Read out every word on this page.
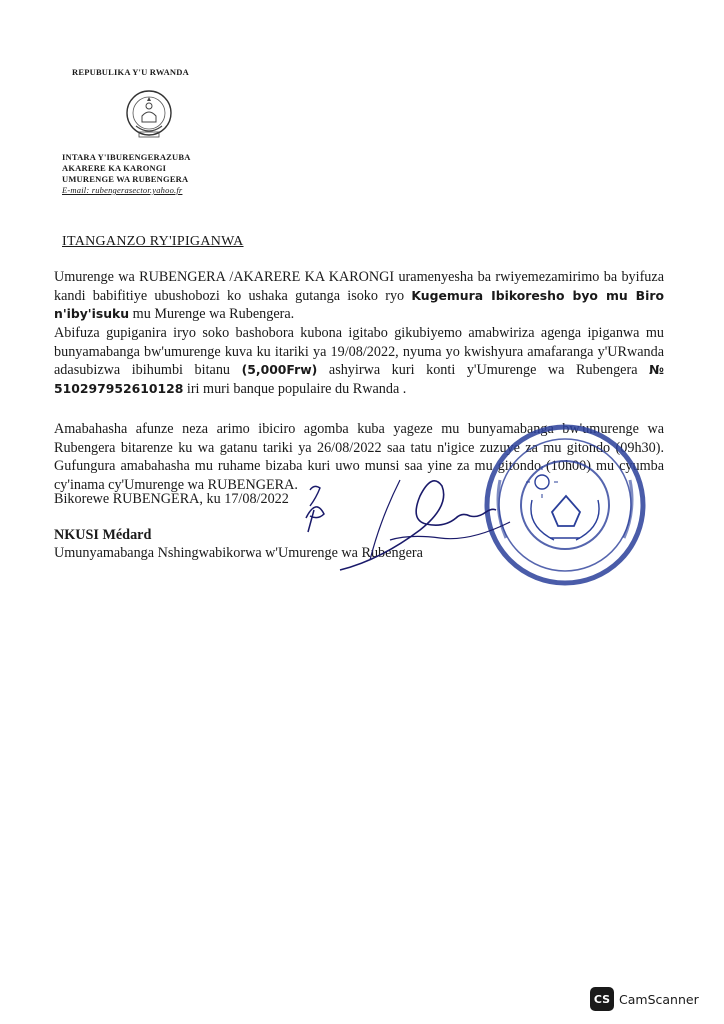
REPUBULIKA Y'U RWANDA
INTARA Y'IBURENGERAZUBA
AKARERE KA KARONGI
UMURENGE WA RUBENGERA
E-mail: rubengerasector.yahoo.fr
ITANGANZO RY'IPIGANWA
Umurenge wa RUBENGERA /AKARERE KA KARONGI uramenyesha ba rwiyemezamirimo ba byifuza kandi babifitiye ubushobozi ko ushaka gutanga isoko ryo Kugemura Ibikoresho byo mu Biro n'iby'isuku mu Murenge wa Rubengera.
Abifuza gupiganira iryo soko bashobora kubona igitabo gikubiyemo amabwiriza agenga ipiganwa mu bunyamabanga bw'umurenge kuva ku itariki ya 19/08/2022, nyuma yo kwishyura amafaranga y'URwanda adasubizwa ibihumbi bitanu (5,000Frw) ashyirwa kuri konti y'Umurenge wa Rubengera № 510297952610128 iri muri banque populaire du Rwanda .
Amabahasha afunze neza arimo ibiciro agomba kuba yageze mu bunyamabanga bw'umurenge wa Rubengera bitarenze ku wa gatanu tariki ya 26/08/2022 saa tatu n'igice zuzuye za mu gitondo (09h30). Gufungura amabahasha mu ruhame bizaba kuri uwo munsi saa yine za mu gitondo (10h00) mu cyumba cy'inama cy'Umurenge wa RUBENGERA.
Bikorewe RUBENGERA, ku 17/08/2022
NKUSI Médard
Umunyamabanga Nshingwabikorwa w'Umurenge wa Rubengera
CS CamScanner
